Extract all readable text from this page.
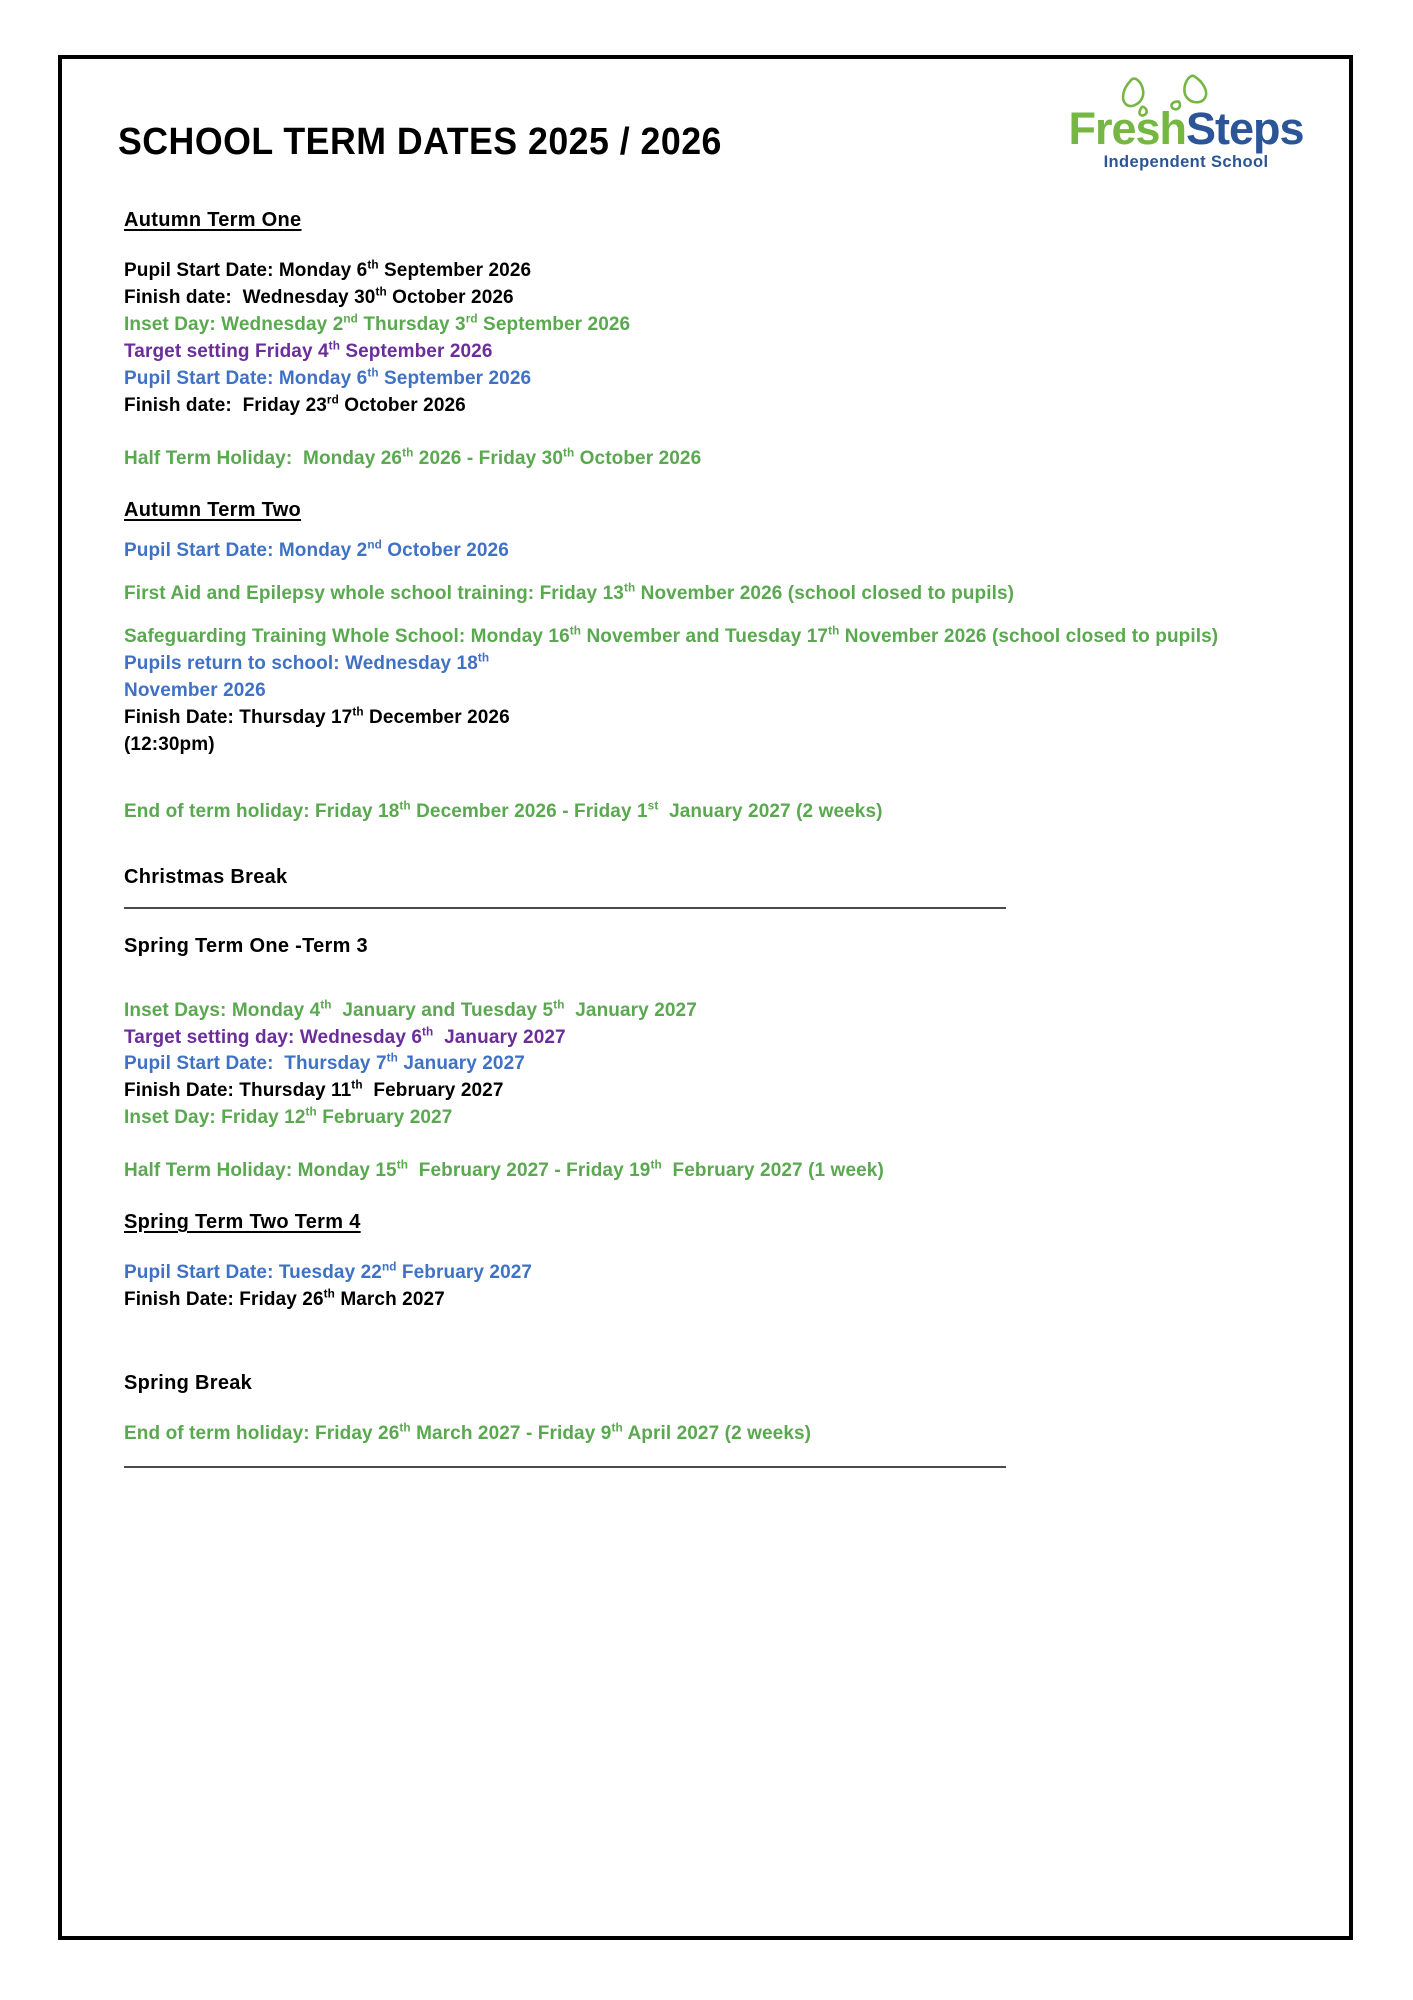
SCHOOL TERM DATES 2025 / 2026	FreshSteps
Independent School
Autumn Term One

Pupil Start Date: Monday 6th September 2026

Finish date:  Wednesday 30th October 2026

Inset Day: Wednesday 2nd Thursday 3rd September 2026

Target setting Friday 4th September 2026

Pupil Start Date: Monday 6th September 2026

Finish date:  Friday 23rd October 2026

Half Term Holiday:  Monday 26th 2026 - Friday 30th October 2026

Autumn Term Two

Pupil Start Date: Monday 2nd October 2026

First Aid and Epilepsy whole school training: Friday 13th November 2026 (school closed to pupils)

Safeguarding Training Whole School: Monday 16th November and Tuesday 17th November 2026 (school closed to pupils)

Pupils return to school: Wednesday 18th
November 2026

Finish Date: Thursday 17th December 2026
(12:30pm)

End of term holiday: Friday 18th December 2026 - Friday 1st  January 2027 (2 weeks)

Christmas Break
Spring Term One -Term 3

Inset Days: Monday 4th  January and Tuesday 5th  January 2027

Target setting day: Wednesday 6th  January 2027

Pupil Start Date:  Thursday 7th January 2027

Finish Date: Thursday 11th  February 2027

Inset Day: Friday 12th February 2027

Half Term Holiday: Monday 15th  February 2027 - Friday 19th  February 2027 (1 week)

Spring Term Two Term 4

Pupil Start Date: Tuesday 22nd February 2027

Finish Date: Friday 26th March 2027

Spring Break

End of term holiday: Friday 26th March 2027 - Friday 9th April 2027 (2 weeks)
